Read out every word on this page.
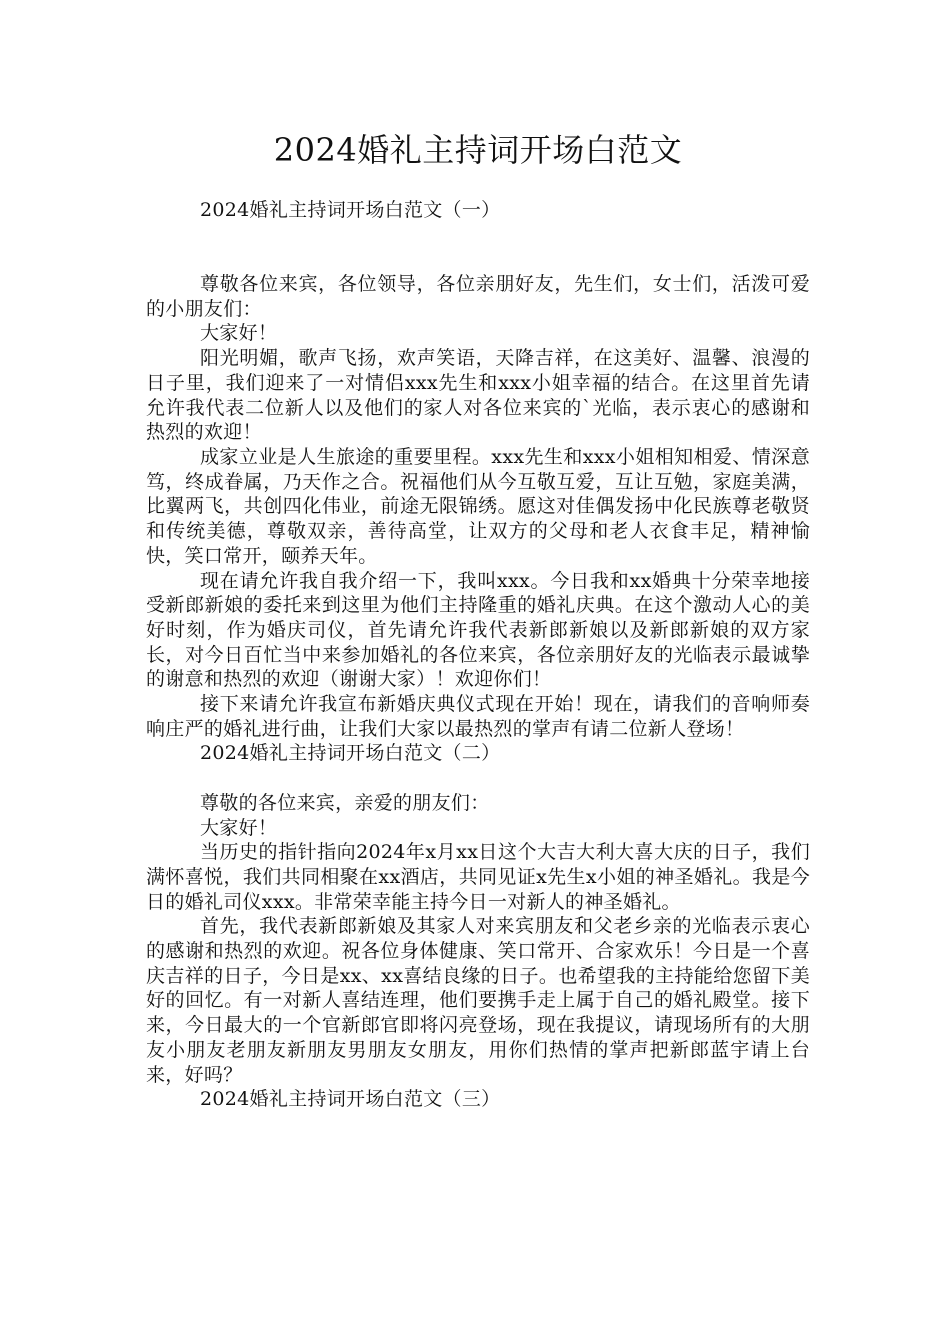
2024婚礼主持词开场白范文

2024婚礼主持词开场白范文（一）

尊敬各位来宾，各位领导，各位亲朋好友，先生们，女士们，活泼可爱的小朋友们：

大家好！

阳光明媚，歌声飞扬，欢声笑语，天降吉祥，在这美好、温馨、浪漫的日子里，我们迎来了一对情侣xxx先生和xxx小姐幸福的结合。在这里首先请允许我代表二位新人以及他们的家人对各位来宾的`光临，表示衷心的感谢和热烈的欢迎！

成家立业是人生旅途的重要里程。xxx先生和xxx小姐相知相爱、情深意笃，终成眷属，乃天作之合。祝福他们从今互敬互爱，互让互勉，家庭美满，比翼两飞，共创四化伟业，前途无限锦绣。愿这对佳偶发扬中化民族尊老敬贤和传统美德，尊敬双亲，善待高堂，让双方的父母和老人衣食丰足，精神愉快，笑口常开，颐养天年。

现在请允许我自我介绍一下，我叫xxx。今日我和xx婚典十分荣幸地接受新郎新娘的委托来到这里为他们主持隆重的婚礼庆典。在这个激动人心的美好时刻，作为婚庆司仪，首先请允许我代表新郎新娘以及新郎新娘的双方家长，对今日百忙当中来参加婚礼的各位来宾，各位亲朋好友的光临表示最诚挚的谢意和热烈的欢迎（谢谢大家）！欢迎你们！

接下来请允许我宣布新婚庆典仪式现在开始！现在，请我们的音响师奏响庄严的婚礼进行曲，让我们大家以最热烈的掌声有请二位新人登场！

2024婚礼主持词开场白范文（二）

尊敬的各位来宾，亲爱的朋友们：

大家好！

当历史的指针指向2024年x月xx日这个大吉大利大喜大庆的日子，我们满怀喜悦，我们共同相聚在xx酒店，共同见证x先生x小姐的神圣婚礼。我是今日的婚礼司仪xxx。非常荣幸能主持今日一对新人的神圣婚礼。

首先，我代表新郎新娘及其家人对来宾朋友和父老乡亲的光临表示衷心的感谢和热烈的欢迎。祝各位身体健康、笑口常开、合家欢乐！今日是一个喜庆吉祥的日子，今日是xx、xx喜结良缘的日子。也希望我的主持能给您留下美好的回忆。有一对新人喜结连理，他们要携手走上属于自己的婚礼殿堂。接下来，今日最大的一个官新郎官即将闪亮登场，现在我提议，请现场所有的大朋友小朋友老朋友新朋友男朋友女朋友，用你们热情的掌声把新郎蓝宇请上台来，好吗？

2024婚礼主持词开场白范文（三）
